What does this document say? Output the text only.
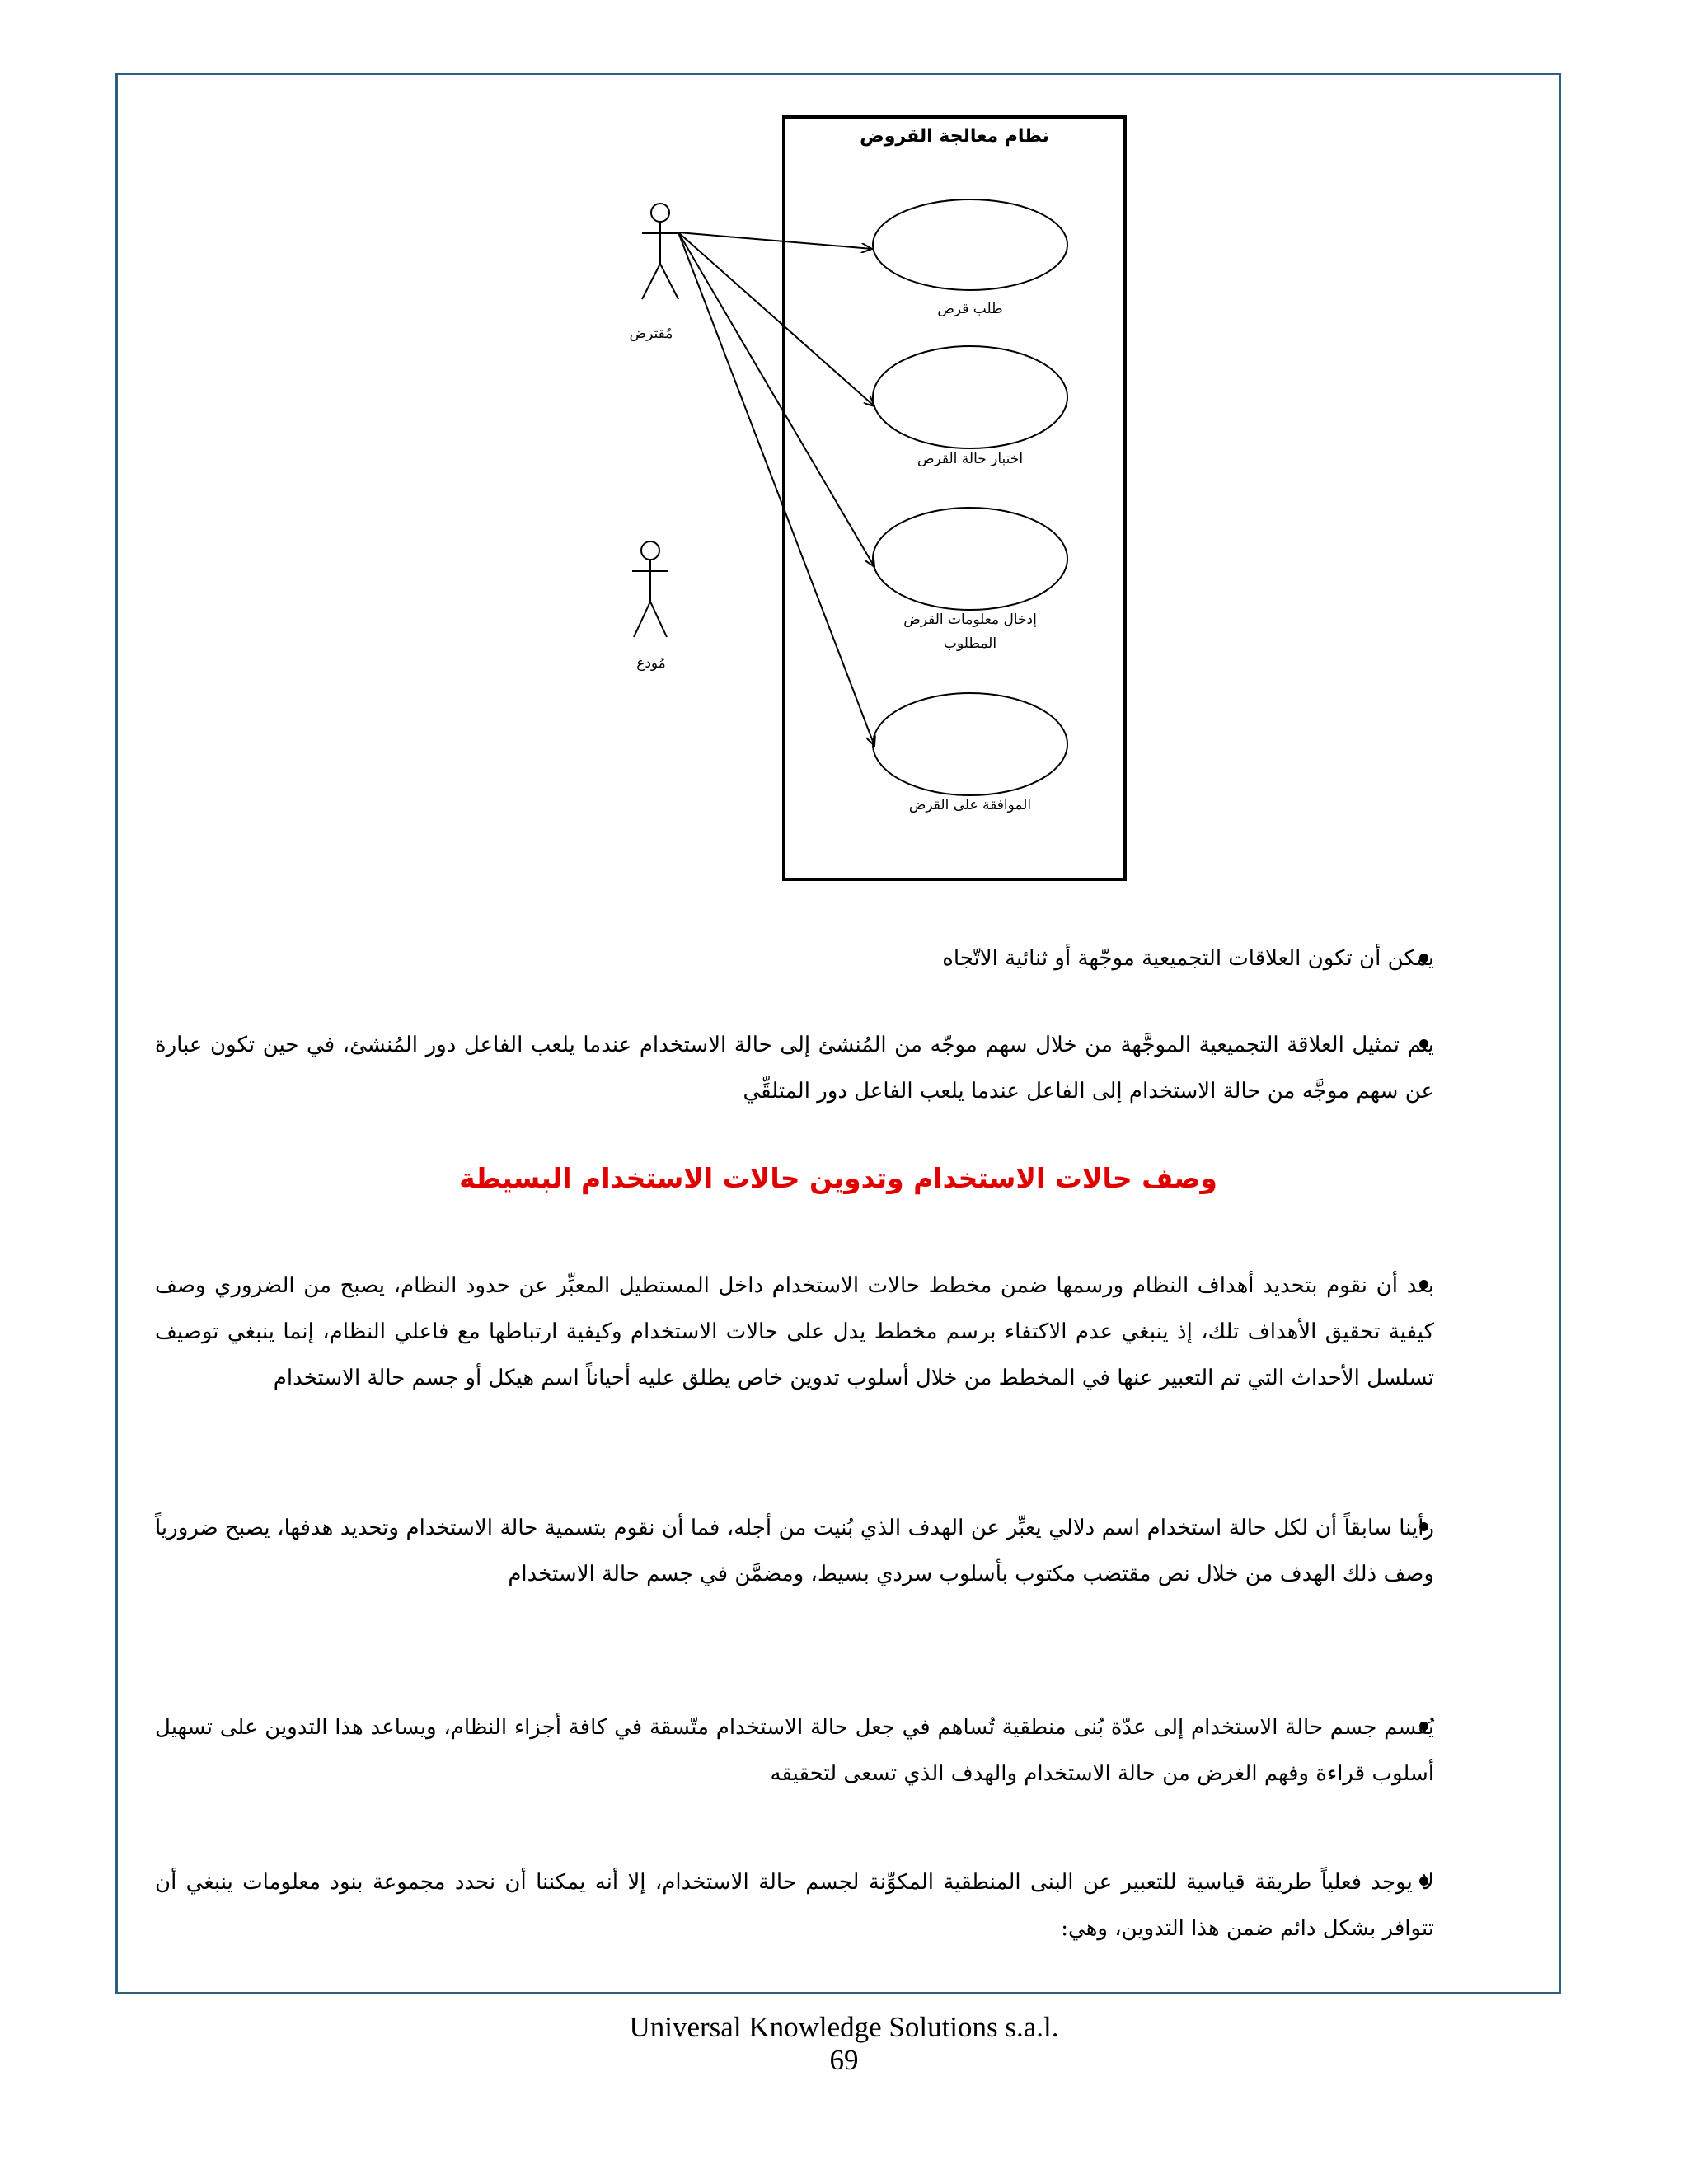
نظام معالجة القروض
مُقترض
مُودع
طلب قرض
اختبار حالة القرض
إدخال معلومات القرض
المطلوب
الموافقة على القرض
يمكن أن تكون العلاقات التجميعية موجّهة أو ثنائية الاتّجاه
يتم تمثيل العلاقة التجميعية الموجَّهة من خلال سهم موجّه من المُنشئ إلى حالة الاستخدام عندما يلعب الفاعل دور المُنشئ، في حين تكون عبارة عن سهم موجَّه من حالة الاستخدام إلى الفاعل عندما يلعب الفاعل دور المتلقِّي
وصف حالات الاستخدام وتدوين حالات الاستخدام البسيطة
بعد أن نقوم بتحديد أهداف النظام ورسمها ضمن مخطط حالات الاستخدام داخل المستطيل المعبِّر عن حدود النظام، يصبح من الضروري وصف كيفية تحقيق الأهداف تلك، إذ ينبغي عدم الاكتفاء برسم مخطط يدل على حالات الاستخدام وكيفية ارتباطها مع فاعلي النظام، إنما ينبغي توصيف تسلسل الأحداث التي تم التعبير عنها في المخطط من خلال أسلوب تدوين خاص يطلق عليه أحياناً اسم هيكل أو جسم حالة الاستخدام
رأينا سابقاً أن لكل حالة استخدام اسم دلالي يعبِّر عن الهدف الذي بُنيت من أجله، فما أن نقوم بتسمية حالة الاستخدام وتحديد هدفها، يصبح ضرورياً وصف ذلك الهدف من خلال نص مقتضب مكتوب بأسلوب سردي بسيط، ومضمَّن في جسم حالة الاستخدام
يُقسم جسم حالة الاستخدام إلى عدّة بُنى منطقية تُساهم في جعل حالة الاستخدام متّسقة في كافة أجزاء النظام، ويساعد هذا التدوين على تسهيل أسلوب قراءة وفهم الغرض من حالة الاستخدام والهدف الذي تسعى لتحقيقه
لا يوجد فعلياً طريقة قياسية للتعبير عن البنى المنطقية المكوِّنة لجسم حالة الاستخدام، إلا أنه يمكننا أن نحدد مجموعة بنود معلومات ينبغي أن تتوافر بشكل دائم ضمن هذا التدوين، وهي:
Universal Knowledge Solutions s.a.l.
69
